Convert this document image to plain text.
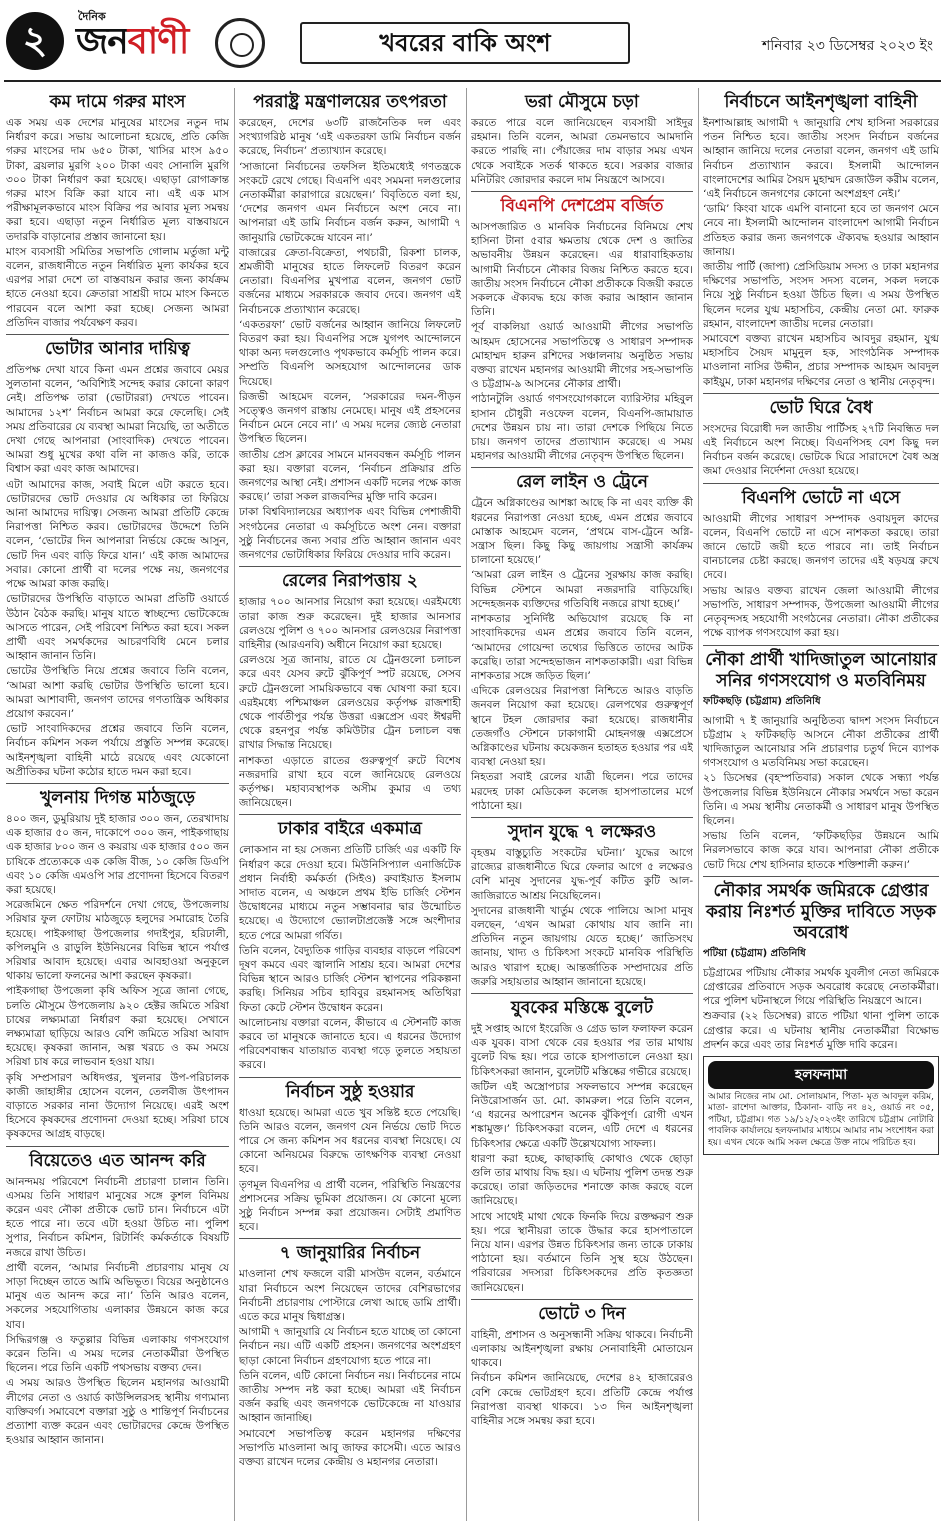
২
দৈনিক
জনবাণী	খবরের বাকি অংশ	শনিবার ২৩ ডিসেম্বর ২০২৩ ইং
কম দামে গরুর মাংস

এক সময় এক দেশের মানুষের মাংসের নতুন দাম নির্ধারণ করে। সভায় আলোচনা হয়েছে, প্রতি কেজি গরুর মাংসের দাম ৬৫০ টাকা, খাসির মাংস ৯৫০ টাকা, ব্রয়লার মুরগি ২০০ টাকা এবং সোনালি মুরগি ৩০০ টাকা নির্ধারণ করা হয়েছে। এছাড়া রোগাক্রান্ত গরুর মাংস বিক্রি করা যাবে না। এই এক মাস পরীক্ষামূলকভাবে মাংস বিক্রির পর আবার মূল্য সমন্বয় করা হবে। এছাড়া নতুন নির্ধারিত মূল্য বাস্তবায়নে তদারকি বাড়ানোর প্রস্তাব জানানো হয়।

মাংস ব্যবসায়ী সমিতির সভাপতি গোলাম মর্তুজা মন্টু বলেন, রাজধানীতে নতুন নির্ধারিত মূল্য কার্যকর হবে এরপর সারা দেশে তা বাস্তবায়ন করার জন্য কার্যক্রম হাতে নেওয়া হবে। ক্রেতারা সাশ্রয়ী দামে মাংস কিনতে পারবেন বলে আশা করা হচ্ছে। সেজন্য আমরা প্রতিদিন বাজার পর্যবেক্ষণ করব।

ভোটার আনার দায়িত্ব

প্রতিপক্ষ দেখা যাবে কিনা এমন প্রশ্নের জবাবে মেয়র সুলতানা বলেন, ‘অবিশ্যিই সন্দেহ করার কোনো কারণ নেই। প্রতিপক্ষ তারা (ভোটাররা) দেখতে পাবেন। আমাদের ১২শ’ নির্বাচন আমরা করে ফেলেছি। সেই সময় প্রতিবারের যে ব্যবস্থা আমরা নিয়েছি, তা অতীতে দেখা গেছে আপনারা (সাংবাদিক) দেখতে পাবেন। আমরা শুধু মুখের কথা বলি না কাজও করি, তাকে বিশ্বাস করা এবং কাজ আমাদের।

এটা আমাদের কাজ, সবাই মিলে এটা করতে হবে। ভোটারদের ভোট দেওয়ার যে অধিকার তা ফিরিয়ে আনা আমাদের দায়িত্ব। সেজন্য আমরা প্রতিটি কেন্দ্রে নিরাপত্তা নিশ্চিত করব। ভোটারদের উদ্দেশে তিনি বলেন, ‘ভোটের দিন আপনারা নির্ভয়ে কেন্দ্রে আসুন, ভোট দিন এবং বাড়ি ফিরে যান।’ এই কাজ আমাদের সবার। কোনো প্রার্থী বা দলের পক্ষে নয়, জনগণের পক্ষে আমরা কাজ করছি।

ভোটারদের উপস্থিতি বাড়াতে আমরা প্রতিটি ওয়ার্ডে উঠান বৈঠক করছি। মানুষ যাতে স্বাচ্ছন্দ্যে ভোটকেন্দ্রে আসতে পারেন, সেই পরিবেশ নিশ্চিত করা হবে। সকল প্রার্থী এবং সমর্থকদের আচরণবিধি মেনে চলার আহ্বান জানান তিনি।

ভোটের উপস্থিতি নিয়ে প্রশ্নের জবাবে তিনি বলেন, ‘আমরা আশা করছি ভোটার উপস্থিতি ভালো হবে। আমরা আশাবাদী, জনগণ তাদের গণতান্ত্রিক অধিকার প্রয়োগ করবেন।’

ভোট সাংবাদিকদের প্রশ্নের জবাবে তিনি বলেন, নির্বাচন কমিশন সকল পর্যায়ে প্রস্তুতি সম্পন্ন করেছে। আইনশৃঙ্খলা বাহিনী মাঠে রয়েছে এবং যেকোনো অপ্রীতিকর ঘটনা কঠোর হাতে দমন করা হবে।

খুলনায় দিগন্ত মাঠজুড়ে

৪০০ জন, ডুমুরিয়ায় দুই হাজার ৩০০ জন, তেরখাদায় এক হাজার ৫০ জন, দাকোপে ৩০০ জন, পাইকগাছায় এক হাজার ৮০০ জন ও কয়রায় এক হাজার ৫০০ জন চাষিকে প্রত্যেককে এক কেজি বীজ, ১০ কেজি ডিএপি এবং ১০ কেজি এমওপি সার প্রণোদনা হিসেবে বিতরণ করা হয়েছে।

সরেজমিনে ক্ষেত পরিদর্শনে দেখা গেছে, উপজেলায় সরিষার ফুল ফোটায় মাঠজুড়ে হলুদের সমারোহ তৈরি হয়েছে। পাইকগাছা উপজেলার গদাইপুর, হরিঢালী, কপিলমুনি ও রাড়ুলি ইউনিয়নের বিভিন্ন স্থানে পর্যাপ্ত সরিষার আবাদ হয়েছে। এবার আবহাওয়া অনুকূলে থাকায় ভালো ফলনের আশা করছেন কৃষকরা।

পাইকগাছা উপজেলা কৃষি অফিস সূত্রে জানা গেছে, চলতি মৌসুমে উপজেলায় ৯২০ হেক্টর জমিতে সরিষা চাষের লক্ষ্যমাত্রা নির্ধারণ করা হয়েছে। সেখানে লক্ষ্যমাত্রা ছাড়িয়ে আরও বেশি জমিতে সরিষা আবাদ হয়েছে। কৃষকরা জানান, অল্প খরচে ও কম সময়ে সরিষা চাষ করে লাভবান হওয়া যায়।

কৃষি সম্প্রসারণ অধিদপ্তর, খুলনার উপ-পরিচালক কাজী জাহাঙ্গীর হোসেন বলেন, তেলবীজ উৎপাদন বাড়াতে সরকার নানা উদ্যোগ নিয়েছে। এরই অংশ হিসেবে কৃষকদের প্রণোদনা দেওয়া হচ্ছে। সরিষা চাষে কৃষকদের আগ্রহ বাড়ছে।

বিয়েতেও এত আনন্দ করি

আনন্দময় পরিবেশে নির্বাচনী প্রচারণা চালান তিনি। এসময় তিনি সাধারণ মানুষের সঙ্গে কুশল বিনিময় করেন এবং নৌকা প্রতীকে ভোট চান। নির্বাচনে এটা হতে পারে না। তবে এটা হওয়া উচিত না। পুলিশ সুপার, নির্বাচন কমিশন, রিটার্নিং কর্মকর্তাকে বিষয়টি নজরে রাখা উচিত।

প্রার্থী বলেন, ‘আমার নির্বাচনী প্রচারণায় মানুষ যে সাড়া দিচ্ছেন তাতে আমি অভিভূত। বিয়ের অনুষ্ঠানেও মানুষ এত আনন্দ করে না।’ তিনি আরও বলেন, সকলের সহযোগিতায় এলাকার উন্নয়নে কাজ করে যাব।

সিদ্ধিরগঞ্জ ও ফতুল্লার বিভিন্ন এলাকায় গণসংযোগ করেন তিনি। এ সময় দলের নেতাকর্মীরা উপস্থিত ছিলেন। পরে তিনি একটি পথসভায় বক্তব্য দেন।

এ সময় আরও উপস্থিত ছিলেন মহানগর আওয়ামী লীগের নেতা ও ওয়ার্ড কাউন্সিলরসহ স্থানীয় গণ্যমান্য ব্যক্তিবর্গ। সমাবেশে বক্তারা সুষ্ঠু ও শান্তিপূর্ণ নির্বাচনের প্রত্যাশা ব্যক্ত করেন এবং ভোটারদের কেন্দ্রে উপস্থিত হওয়ার আহ্বান জানান।

পররাষ্ট্র মন্ত্রণালয়ের তৎপরতা

করেছেন, দেশের ৬৩টি রাজনৈতিক দল এবং সংখ্যাগরিষ্ঠ মানুষ ‘এই একতরফা ডামি নির্বাচন বর্জন করেছে, নির্বাচন’ প্রত্যাখ্যান করেছে।

‘সাজানো নির্বাচনের তফসিল ইতিমধ্যেই গণতন্ত্রকে সংকটে রেখে গেছে। বিএনপি এবং সমমনা দলগুলোর নেতাকর্মীরা কারাগারে রয়েছেন।’ বিবৃতিতে বলা হয়, ‘দেশের জনগণ এমন নির্বাচনে অংশ নেবে না। আপনারা এই ডামি নির্বাচন বর্জন করুন, আগামী ৭ জানুয়ারি ভোটকেন্দ্রে যাবেন না।’

বাজারের ক্রেতা-বিক্রেতা, পথচারী, রিকশা চালক, শ্রমজীবী মানুষের হাতে লিফলেট বিতরণ করেন নেতারা। বিএনপির মুখপাত্র বলেন, জনগণ ভোট বর্জনের মাধ্যমে সরকারকে জবাব দেবে। জনগণ এই নির্বাচনকে প্রত্যাখ্যান করেছে।

‘একতরফা’ ভোট বর্জনের আহ্বান জানিয়ে লিফলেট বিতরণ করা হয়। বিএনপির সঙ্গে যুগপৎ আন্দোলনে থাকা অন্য দলগুলোও পৃথকভাবে কর্মসূচি পালন করে। সম্প্রতি বিএনপি অসহযোগ আন্দোলনের ডাক দিয়েছে।

রিজভী আহমেদ বলেন, ‘সরকারের দমন-পীড়ন সত্ত্বেও জনগণ রাস্তায় নেমেছে। মানুষ এই প্রহসনের নির্বাচন মেনে নেবে না।’ এ সময় দলের জ্যেষ্ঠ নেতারা উপস্থিত ছিলেন।

জাতীয় প্রেস ক্লাবের সামনে মানববন্ধন কর্মসূচি পালন করা হয়। বক্তারা বলেন, ‘নির্বাচন প্রক্রিয়ার প্রতি জনগণের আস্থা নেই। প্রশাসন একটি দলের পক্ষে কাজ করছে।’ তারা সকল রাজবন্দির মুক্তি দাবি করেন।

ঢাকা বিশ্ববিদ্যালয়ের অধ্যাপক এবং বিভিন্ন পেশাজীবী সংগঠনের নেতারা এ কর্মসূচিতে অংশ নেন। বক্তারা সুষ্ঠু নির্বাচনের জন্য সবার প্রতি আহ্বান জানান এবং জনগণের ভোটাধিকার ফিরিয়ে দেওয়ার দাবি করেন।

রেলের নিরাপত্তায় ২

হাজার ৭০০ আনসার নিয়োগ করা হয়েছে। এরইমধ্যে তারা কাজ শুরু করেছেন। দুই হাজার আনসার রেলওয়ে পুলিশ ও ৭০০ আনসার রেলওয়ের নিরাপত্তা বাহিনীর (আরএনবি) অধীনে নিয়োগ করা হয়েছে।

রেলওয়ে সূত্র জানায়, রাতে যে ট্রেনগুলো চলাচল করে এবং যেসব রুটে ঝুঁকিপূর্ণ স্পট রয়েছে, সেসব রুটে ট্রেনগুলো সাময়িকভাবে বন্ধ ঘোষণা করা হবে। এরইমধ্যে পশ্চিমাঞ্চল রেলওয়ের কর্তৃপক্ষ রাজশাহী থেকে পার্বতীপুর পর্যন্ত উত্তরা এক্সপ্রেস এবং ঈশ্বরদী থেকে রহনপুর পর্যন্ত কমিউটার ট্রেন চলাচল বন্ধ রাখার সিদ্ধান্ত নিয়েছে।

নাশকতা এড়াতে রাতের গুরুত্বপূর্ণ রুটে বিশেষ নজরদারি রাখা হবে বলে জানিয়েছে রেলওয়ে কর্তৃপক্ষ। মহাব্যবস্থাপক অসীম কুমার এ তথ্য জানিয়েছেন।

ঢাকার বাইরে একমাত্র

লোকসান না হয় সেজন্য প্রতিটি চার্জিং এর একটি ফি নির্ধারণ করে দেওয়া হবে। মিউনিসিপ্যাল এনার্জিটেক প্রধান নির্বাহী কর্মকর্তা (সিইও) রুবাইয়াত ইসলাম সাদাত বলেন, এ অঞ্চলে প্রথম ইভি চার্জিং স্টেশন উদ্বোধনের মাধ্যমে নতুন সম্ভাবনার দ্বার উন্মোচিত হয়েছে। এ উদ্যোগে ভ্যোলটাপ্রজেক্ট সঙ্গে অংশীদার হতে পেরে আমরা গর্বিত।

তিনি বলেন, বৈদ্যুতিক গাড়ির ব্যবহার বাড়লে পরিবেশ দূষণ কমবে এবং জ্বালানি সাশ্রয় হবে। আমরা দেশের বিভিন্ন স্থানে আরও চার্জিং স্টেশন স্থাপনের পরিকল্পনা করছি। সিনিয়র সচিব হাবিবুর রহমানসহ অতিথিরা ফিতা কেটে স্টেশন উদ্বোধন করেন।

আলোচনায় বক্তারা বলেন, কীভাবে এ স্টেশনটি কাজ করবে তা মানুষকে জানাতে হবে। এ ধরনের উদ্যোগ পরিবেশবান্ধব যাতায়াত ব্যবস্থা গড়ে তুলতে সহায়তা করবে।

নির্বাচন সুষ্ঠু হওয়ার

ধাওয়া হয়েছে। আমরা এতে খুব সন্তিষ্ট হতে পেয়েছি। তিনি আরও বলেন, জনগণ যেন নির্ভয়ে ভোট দিতে পারে সে জন্য কমিশন সব ধরনের ব্যবস্থা নিয়েছে। যে কোনো অনিয়মের বিরুদ্ধে তাৎক্ষণিক ব্যবস্থা নেওয়া হবে।

তৃণমূল বিএনপির এ প্রার্থী বলেন, পরিস্থিতি নিয়ন্ত্রণের প্রশাসনের সক্রিয় ভূমিকা প্রয়োজন। যে কোনো মূল্যে সুষ্ঠু নির্বাচন সম্পন্ন করা প্রয়োজন। সেটাই প্রমাণিত হবে।

৭ জানুয়ারির নির্বাচন

মাওলানা শেখ ফজলে বারী মাসউদ বলেন, বর্তমানে যারা নির্বাচনে অংশ নিয়েছেন তাদের বেশিরভাগের নির্বাচনী প্রচারণায় পোস্টারে লেখা আছে ডামি প্রার্থী। এতে করে মানুষ দ্বিধাগ্রস্ত।

আগামী ৭ জানুয়ারি যে নির্বাচন হতে যাচ্ছে তা কোনো নির্বাচন নয়। এটি একটি প্রহসন। জনগণের অংশগ্রহণ ছাড়া কোনো নির্বাচন গ্রহণযোগ্য হতে পারে না।

তিনি বলেন, এটি কোনো নির্বাচন নয়। নির্বাচনের নামে জাতীয় সম্পদ নষ্ট করা হচ্ছে। আমরা এই নির্বাচন বর্জন করছি এবং জনগণকে ভোটকেন্দ্রে না যাওয়ার আহ্বান জানাচ্ছি।

সমাবেশে সভাপতিত্ব করেন মহানগর দক্ষিণের সভাপতি মাওলানা আবু জাফর কাসেমী। এতে আরও বক্তব্য রাখেন দলের কেন্দ্রীয় ও মহানগর নেতারা।

ভরা মৌসুমে চড়া

করতে পারে বলে জানিয়েছেন ব্যবসায়ী সাইদুর রহমান। তিনি বলেন, আমরা তেমনভাবে আমদানি করতে পারছি না। পেঁয়াজের দাম বাড়ার সময় এখন থেকে সবাইকে সতর্ক থাকতে হবে। সরকার বাজার মনিটরিং জোরদার করলে দাম নিয়ন্ত্রণে আসবে।

বিএনপি দেশপ্রেম বর্জিত

আসপজারিত ও মানবিক নির্বাচনের বিনিময়ে শেখ হাসিনা টানা ৫বার ক্ষমতায় থেকে দেশ ও জাতির অভাবনীয় উন্নয়ন করেছেন। এর ধারাবাহিকতায় আগামী নির্বাচনে নৌকার বিজয় নিশ্চিত করতে হবে। জাতীয় সংসদ নির্বাচনে নৌকা প্রতীককে বিজয়ী করতে সকলকে ঐক্যবদ্ধ হয়ে কাজ করার আহ্বান জানান তিনি।

পূর্ব বাকলিয়া ওয়ার্ড আওয়ামী লীগের সভাপতি আহমদ হোসেনের সভাপতিত্বে ও সাধারণ সম্পাদক মোহাম্মদ হারুন রশিদের সঞ্চালনায় অনুষ্ঠিত সভায় বক্তব্য রাখেন মহানগর আওয়ামী লীগের সহ-সভাপতি ও চট্টগ্রাম-৯ আসনের নৌকার প্রার্থী।

পাঠানটুলি ওয়ার্ড গণসংযোগকালে ব্যারিস্টার মহিবুল হাসান চৌধুরী নওফেল বলেন, বিএনপি-জামায়াত দেশের উন্নয়ন চায় না। তারা দেশকে পিছিয়ে নিতে চায়। জনগণ তাদের প্রত্যাখ্যান করেছে। এ সময় মহানগর আওয়ামী লীগের নেতৃবৃন্দ উপস্থিত ছিলেন।

রেল লাইন ও ট্রেনে

ট্রেনে অগ্নিকাণ্ডের আশঙ্কা আছে কি না এবং ব্যক্তি কী ধরনের নিরাপত্তা নেওয়া হচ্ছে, এমন প্রশ্নের জবাবে মোস্তাক আহমেদ বলেন, ‘প্রথমে বাস-ট্রেনে অগ্নি-সন্ত্রাস ছিল। কিছু কিছু জায়গায় সন্ত্রাসী কার্যক্রম চালানো হয়েছে।’

‘আমরা রেল লাইন ও ট্রেনের সুরক্ষায় কাজ করছি। বিভিন্ন স্টেশনে আমরা নজরদারি বাড়িয়েছি। সন্দেহজনক ব্যক্তিদের গতিবিধি নজরে রাখা হচ্ছে।’

নাশকতার সুনির্দিষ্ট অভিযোগ রয়েছে কি না সাংবাদিকদের এমন প্রশ্নের জবাবে তিনি বলেন, ‘আমাদের গোয়েন্দা তথ্যের ভিত্তিতে তাদের আটক করেছি। তারা সন্দেহভাজন নাশকতাকারী। এরা বিভিন্ন নাশকতার সঙ্গে জড়িত ছিল।’

এদিকে রেলওয়ের নিরাপত্তা নিশ্চিতে আরও বাড়তি জনবল নিয়োগ করা হয়েছে। রেলপথের গুরুত্বপূর্ণ স্থানে টহল জোরদার করা হয়েছে। রাজধানীর তেজগাঁও স্টেশনে ঢাকাগামী মোহনগঞ্জ এক্সপ্রেসে অগ্নিকাণ্ডের ঘটনায় কয়েকজন হতাহত হওয়ার পর এই ব্যবস্থা নেওয়া হয়।

নিহতরা সবাই রেলের যাত্রী ছিলেন। পরে তাদের মরদেহ ঢাকা মেডিকেল কলেজ হাসপাতালের মর্গে পাঠানো হয়।

সুদান যুদ্ধে ৭ লক্ষেরও

বৃহত্তম বাস্তুচ্যুতি সংকটের ঘটনা।’ যুদ্ধের আগে রাজ্যের রাজধানীতে ঘিরে ফেলার আগে ৫ লক্ষেরও বেশি মানুষ সুদানের যুদ্ধ-পূর্ব কটিত কুটি আল-জাজিরাতে আশ্রয় নিয়েছিলেন।

সুদানের রাজধানী খার্তুম থেকে পালিয়ে আসা মানুষ বলছেন, ‘এখন আমরা কোথায় যাব জানি না। প্রতিদিন নতুন জায়গায় যেতে হচ্ছে।’ জাতিসংঘ জানায়, খাদ্য ও চিকিৎসা সংকটে মানবিক পরিস্থিতি আরও খারাপ হচ্ছে। আন্তর্জাতিক সম্প্রদায়ের প্রতি জরুরি সহায়তার আহ্বান জানানো হয়েছে।

যুবকের মস্তিষ্কে বুলেট

দুই সপ্তাহ আগে ইংরেজি ও গ্রেড ভাল ফলাফল করেন এক যুবক। বাসা থেকে বের হওয়ার পর তার মাথায় বুলেট বিদ্ধ হয়। পরে তাকে হাসপাতালে নেওয়া হয়। চিকিৎসকরা জানান, বুলেটটি মস্তিষ্কের গভীরে রয়েছে।

জটিল এই অস্ত্রোপচার সফলভাবে সম্পন্ন করেছেন নিউরোসার্জন ডা. মো. কামরুল। পরে তিনি বলেন, ‘এ ধরনের অপারেশন অনেক ঝুঁকিপূর্ণ। রোগী এখন শঙ্কামুক্ত।’ চিকিৎসকরা বলেন, এটি দেশে এ ধরনের চিকিৎসার ক্ষেত্রে একটি উল্লেখযোগ্য সাফল্য।

ধারণা করা হচ্ছে, কাছাকাছি কোথাও থেকে ছোড়া গুলি তার মাথায় বিদ্ধ হয়। এ ঘটনায় পুলিশ তদন্ত শুরু করেছে। তারা জড়িতদের শনাক্তে কাজ করছে বলে জানিয়েছে।

সাথে সাথেই মাথা থেকে ফিনকি দিয়ে রক্তক্ষরণ শুরু হয়। পরে স্থানীয়রা তাকে উদ্ধার করে হাসপাতালে নিয়ে যান। এরপর উন্নত চিকিৎসার জন্য তাকে ঢাকায় পাঠানো হয়। বর্তমানে তিনি সুস্থ হয়ে উঠছেন। পরিবারের সদস্যরা চিকিৎসকদের প্রতি কৃতজ্ঞতা জানিয়েছেন।

ভোটে ৩ দিন

বাহিনী, প্রশাসন ও অনুসন্ধানী সক্রিয় থাকবে। নির্বাচনী এলাকায় আইনশৃঙ্খলা রক্ষায় সেনাবাহিনী মোতায়েন থাকবে।

নির্বাচন কমিশন জানিয়েছে, দেশের ৪২ হাজারেরও বেশি কেন্দ্রে ভোটগ্রহণ হবে। প্রতিটি কেন্দ্রে পর্যাপ্ত নিরাপত্তা ব্যবস্থা থাকবে। ১৩ দিন আইনশৃঙ্খলা বাহিনীর সঙ্গে সমন্বয় করা হবে।

নির্বাচনে আইনশৃঙ্খলা বাহিনী

ইনশাআল্লাহ আগামী ৭ জানুয়ারি শেখ হাসিনা সরকারের পতন নিশ্চিত হবে। জাতীয় সংসদ নির্বাচন বর্জনের আহ্বান জানিয়ে দলের নেতারা বলেন, জনগণ এই ডামি নির্বাচন প্রত্যাখ্যান করবে। ইসলামী আন্দোলন বাংলাদেশের আমির সৈয়দ মুহাম্মদ রেজাউল করীম বলেন, ‘এই নির্বাচনে জনগণের কোনো অংশগ্রহণ নেই।’

‘ডামি’ কিংবা যাকে এমপি বানানো হবে তা জনগণ মেনে নেবে না। ইসলামী আন্দোলন বাংলাদেশ আগামী নির্বাচন প্রতিহত করার জন্য জনগণকে ঐক্যবদ্ধ হওয়ার আহ্বান জানায়।

জাতীয় পার্টি (জাপা) প্রেসিডিয়াম সদস্য ও ঢাকা মহানগর দক্ষিণের সভাপতি, সংসদ সদস্য বলেন, সকল দলকে নিয়ে সুষ্ঠু নির্বাচন হওয়া উচিত ছিল। এ সময় উপস্থিত ছিলেন দলের যুগ্ম মহাসচিব, কেন্দ্রীয় নেতা মো. ফারুক রহমান, বাংলাদেশ জাতীয় দলের নেতারা।

সমাবেশে বক্তব্য রাখেন মহাসচিব আবদুর রহমান, যুগ্ম মহাসচিব সৈয়দ মামুনুল হক, সাংগঠনিক সম্পাদক মাওলানা নাসির উদ্দীন, প্রচার সম্পাদক আহমদ আবদুল কাইয়ুম, ঢাকা মহানগর দক্ষিণের নেতা ও স্থানীয় নেতৃবৃন্দ।

ভোট ঘিরে বৈধ

সংসদের বিরোধী দল জাতীয় পার্টিসহ ২৭টি নিবন্ধিত দল এই নির্বাচনে অংশ নিচ্ছে। বিএনপিসহ বেশ কিছু দল নির্বাচন বর্জন করেছে। ভোটকে ঘিরে সারাদেশে বৈধ অস্ত্র জমা দেওয়ার নির্দেশনা দেওয়া হয়েছে।

বিএনপি ভোটে না এসে

আওয়ামী লীগের সাধারণ সম্পাদক ওবায়দুল কাদের বলেন, বিএনপি ভোটে না এসে নাশকতা করছে। তারা জানে ভোটে জয়ী হতে পারবে না। তাই নির্বাচন বানচালের চেষ্টা করছে। জনগণ তাদের এই ষড়যন্ত্র রুখে দেবে।

সভায় আরও বক্তব্য রাখেন জেলা আওয়ামী লীগের সভাপতি, সাধারণ সম্পাদক, উপজেলা আওয়ামী লীগের নেতৃবৃন্দসহ সহযোগী সংগঠনের নেতারা। নৌকা প্রতীকের পক্ষে ব্যাপক গণসংযোগ করা হয়।

নৌকা প্রার্থী খাদিজাতুল আনোয়ার সনির গণসংযোগ ও মতবিনিময়
ফটিকছড়ি (চট্টগ্রাম) প্রতিনিধি

আগামী ৭ ই জানুয়ারি অনুষ্ঠিতব্য দ্বাদশ সংসদ নির্বাচনে চট্টগ্রাম ২ ফটিকছড়ি আসনে নৌকা প্রতীকের প্রার্থী খাদিজাতুল আনোয়ার সনি প্রচারণার চতুর্থ দিনে ব্যাপক গণসংযোগ ও মতবিনিময় সভা করেছেন।

২১ ডিসেম্বর (বৃহস্পতিবার) সকাল থেকে সন্ধ্যা পর্যন্ত উপজেলার বিভিন্ন ইউনিয়নে নৌকার সমর্থনে সভা করেন তিনি। এ সময় স্থানীয় নেতাকর্মী ও সাধারণ মানুষ উপস্থিত ছিলেন।

সভায় তিনি বলেন, ‘ফটিকছড়ির উন্নয়নে আমি নিরলসভাবে কাজ করে যাব। আপনারা নৌকা প্রতীকে ভোট দিয়ে শেখ হাসিনার হাতকে শক্তিশালী করুন।’

নৌকার সমর্থক জমিরকে গ্রেপ্তার করায় নিঃশর্ত মুক্তির দাবিতে সড়ক অবরোধ
পটিয়া (চট্টগ্রাম) প্রতিনিধি

চট্টগ্রামের পটিয়ায় নৌকার সমর্থক যুবলীগ নেতা জমিরকে গ্রেপ্তারের প্রতিবাদে সড়ক অবরোধ করেছে নেতাকর্মীরা। পরে পুলিশ ঘটনাস্থলে গিয়ে পরিস্থিতি নিয়ন্ত্রণে আনে।

শুক্রবার (২২ ডিসেম্বর) রাতে পটিয়া থানা পুলিশ তাকে গ্রেপ্তার করে। এ ঘটনায় স্থানীয় নেতাকর্মীরা বিক্ষোভ প্রদর্শন করে এবং তার নিঃশর্ত মুক্তি দাবি করেন।

হলফনামা

আমার নিজের নাম মো. সোলায়মান, পিতা- মৃত আবদুল করিম, মাতা- রাশেদা আক্তার, ঠিকানা- বাড়ি নং ৪২, ওয়ার্ড নং ০৫, পটিয়া, চট্টগ্রাম। গত ১৯/১২/২০২৩ইং তারিখে চট্টগ্রাম নোটারি পাবলিক কার্যালয়ে হলফনামার মাধ্যমে আমার নাম সংশোধন করা হয়। এখন থেকে আমি সকল ক্ষেত্রে উক্ত নামে পরিচিত হব।
